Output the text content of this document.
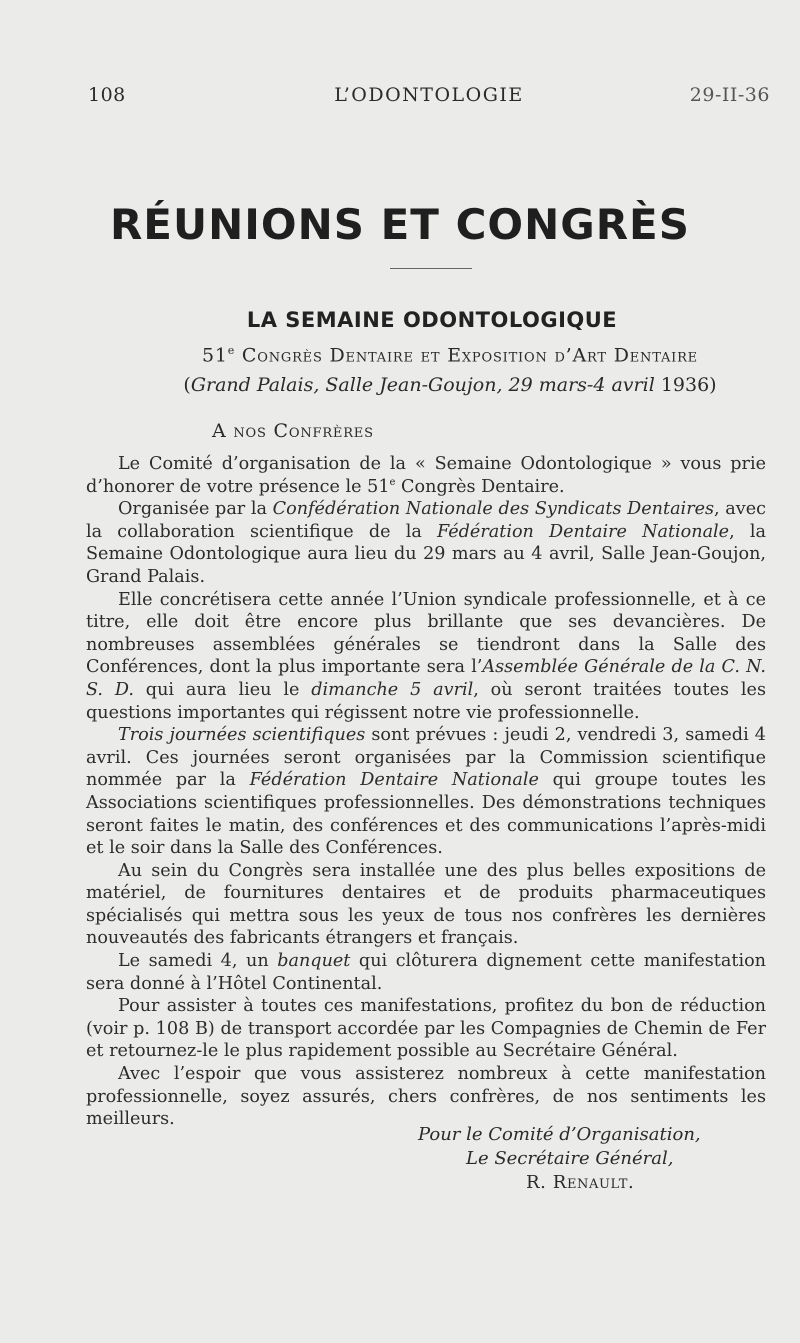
108	L’ODONTOLOGIE	29-II-36
RÉUNIONS ET CONGRÈS
LA SEMAINE ODONTOLOGIQUE
51e Congrès Dentaire et Exposition d’Art Dentaire
(Grand Palais, Salle Jean-Goujon, 29 mars-4 avril 1936)
A nos Confrères

Le Comité d’organisation de la « Semaine Odontologique » vous prie d’honorer de votre présence le 51e Congrès Dentaire.

Organisée par la Confédération Nationale des Syndicats Dentaires, avec la collaboration scientifique de la Fédération Dentaire Nationale, la Semaine Odontologique aura lieu du 29 mars au 4 avril, Salle Jean-Goujon, Grand Palais.

Elle concrétisera cette année l’Union syndicale professionnelle, et à ce titre, elle doit être encore plus brillante que ses devancières. De nombreuses assemblées générales se tiendront dans la Salle des Conférences, dont la plus importante sera l’Assemblée Générale de la C. N. S. D. qui aura lieu le dimanche 5 avril, où seront traitées toutes les questions importantes qui régissent notre vie professionnelle.

Trois journées scientifiques sont prévues : jeudi 2, vendredi 3, samedi 4 avril. Ces journées seront organisées par la Commission scientifique nommée par la Fédération Dentaire Nationale qui groupe toutes les Associations scientifiques professionnelles. Des démonstrations techniques seront faites le matin, des conférences et des communications l’après-midi et le soir dans la Salle des Conférences.

Au sein du Congrès sera installée une des plus belles expositions de matériel, de fournitures dentaires et de produits pharmaceutiques spécialisés qui mettra sous les yeux de tous nos confrères les dernières nouveautés des fabricants étrangers et français.

Le samedi 4, un banquet qui clôturera dignement cette manifestation sera donné à l’Hôtel Continental.

Pour assister à toutes ces manifestations, profitez du bon de réduction (voir p. 108 B) de transport accordée par les Compagnies de Chemin de Fer et retournez-le le plus rapidement possible au Secrétaire Général.

Avec l’espoir que vous assisterez nombreux à cette manifestation professionnelle, soyez assurés, chers confrères, de nos sentiments les meilleurs.

Pour le Comité d’Organisation,
Le Secrétaire Général,
R. Renault.
